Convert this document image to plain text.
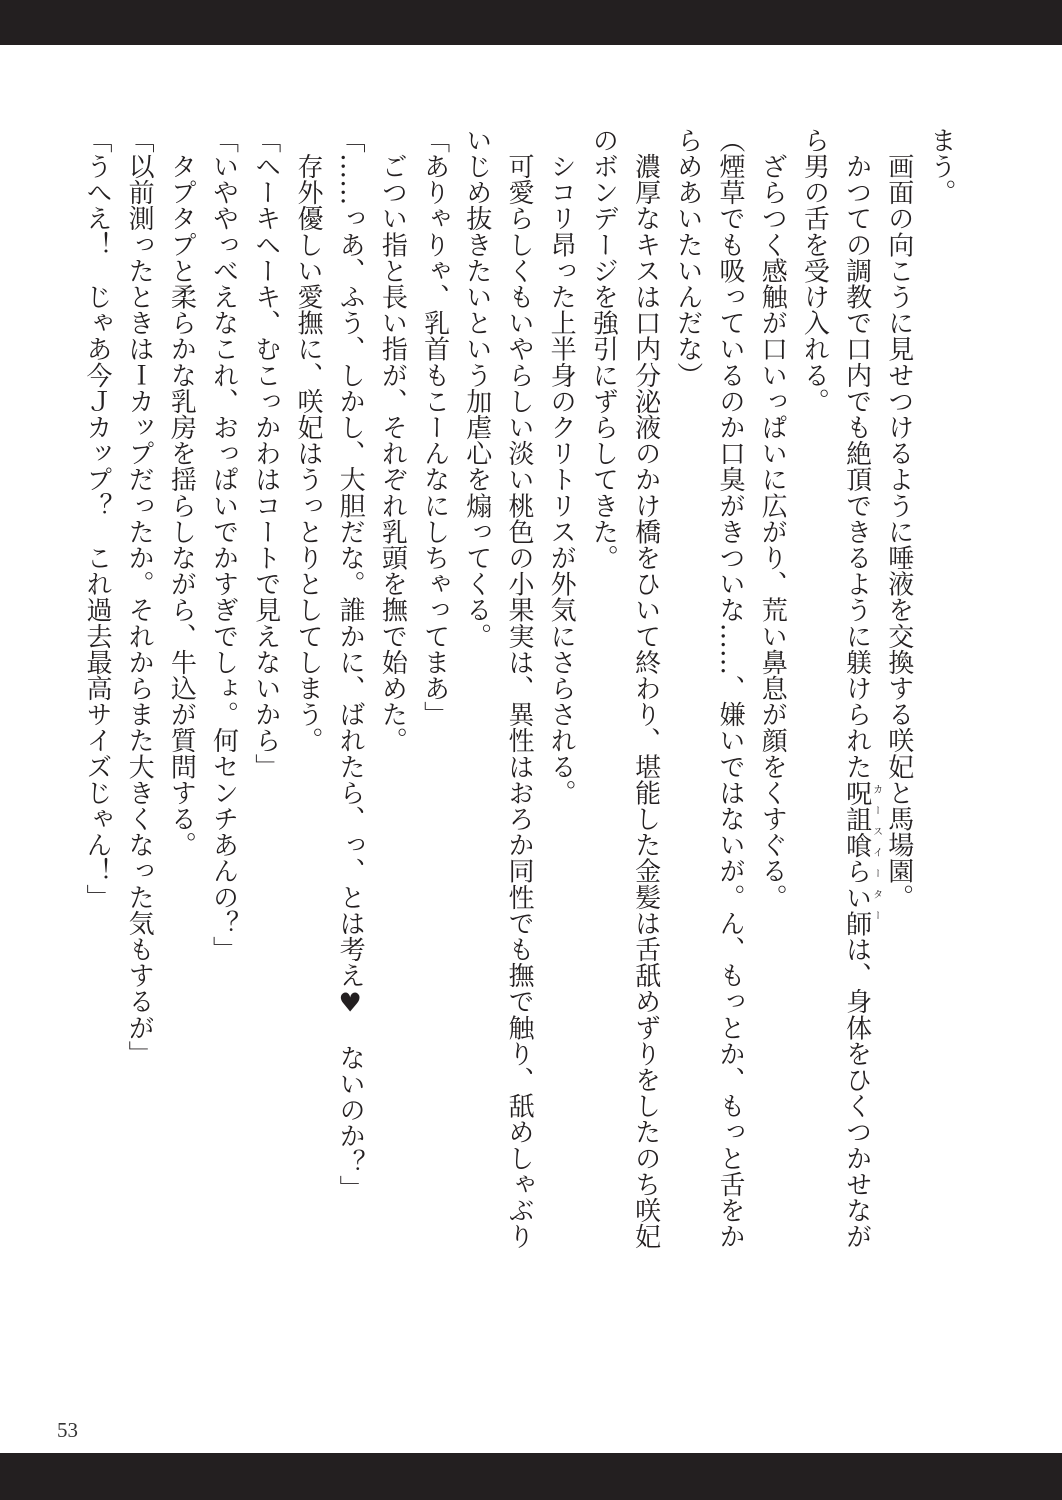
まう。
　画面の向こうに見せつけるように唾液を交換する咲妃と馬場園。
　かつての調教で口内でも絶頂できるように躾けられた呪詛喰らい師 カースイーター
は、身体をひくつかせなが
ら男の舌を受け入れる。
　ざらつく感触が口いっぱいに広がり、荒い鼻息が顔をくすぐる。
（煙草でも吸っているのか口臭がきついな……、嫌いではないが。ん、もっとか、もっと舌をか
らめあいたいんだな）
　濃厚なキスは口内分泌液のかけ橋をひいて終わり、堪能した金髪は舌舐めずりをしたのち咲妃
のボンデージを強引にずらしてきた。
　シコリ昂った上半身のクリトリスが外気にさらされる。
　可愛らしくもいやらしい淡い桃色の小果実は、異性はおろか同性でも撫で触り、舐めしゃぶり
いじめ抜きたいという加虐心を煽ってくる。
「ありゃりゃ、乳首もこーんなにしちゃってまあ」
　ごつい指と長い指が、それぞれ乳頭を撫で始めた。
「……っあ、ふう、しかし、大胆だな。誰かに、ばれたら、っ、とは考え♥　ないのか？」
　存外優しい愛撫に、咲妃はうっとりとしてしまう。
「ヘーキヘーキ、むこっかわはコートで見えないから」
「いややっべえなこれ、おっぱいでかすぎでしょ。何センチあんの？」
　タプタプと柔らかな乳房を揺らしながら、牛込が質問する。
「以前測ったときはＩカップだったか。それからまた大きくなった気もするが」
「うへえ！　じゃあ今Ｊカップ？　これ過去最高サイズじゃん！」
53
